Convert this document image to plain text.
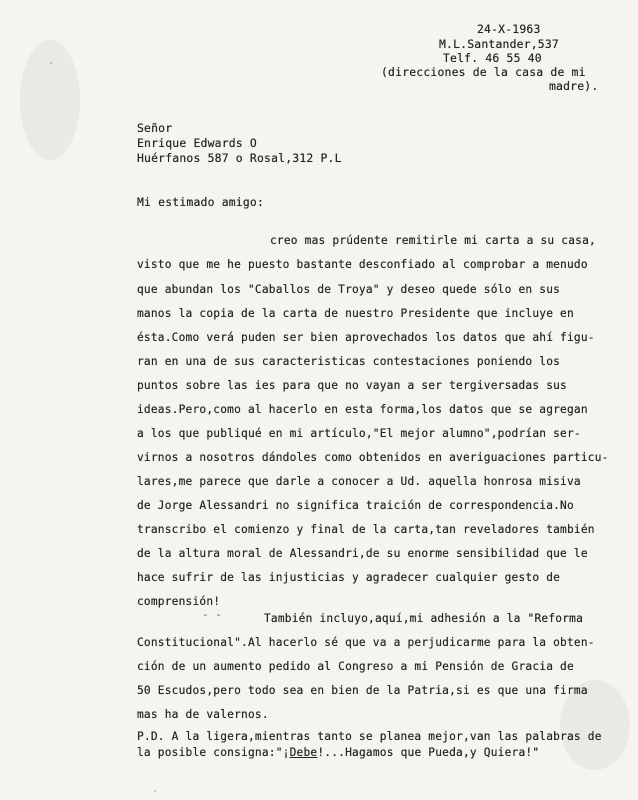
24-X-1963
M.L.Santander,537
Telf. 46 55 40
(direcciones de la casa de mi
madre).
Señor
Enrique Edwards O
Huérfanos 587 o Rosal,312 P.L
Mi estimado amigo:
creo mas prúdente remitirle mi carta a su casa,
visto que me he puesto bastante desconfiado al comprobar a menudo
que abundan los "Caballos de Troya" y deseo quede sólo en sus
manos la copia de la carta de nuestro Presidente que incluye en
ésta.Como verá puden ser bien aprovechados los datos que ahí figu-
ran en una de sus caracteristicas contestaciones poniendo los
puntos sobre las ies para que no vayan a ser tergiversadas sus
ideas.Pero,como al hacerlo en esta forma,los datos que se agregan
a los que publiqué en mi artículo,"El mejor alumno",podrían ser-
virnos a nosotros dándoles como obtenidos en averiguaciones particu-
lares,me parece que darle a conocer a Ud. aquella honrosa misiva
de Jorge Alessandri no significa traición de correspondencia.No
transcribo el comienzo y final de la carta,tan reveladores también
de la altura moral de Alessandri,de su enorme sensibilidad que le
hace sufrir de las injusticias y agradecer cualquier gesto de
comprensión!
- -	También incluyo,aquí,mi adhesión a la "Reforma
Constitucional".Al hacerlo sé que va a perjudicarme para la obten-
ción de un aumento pedido al Congreso a mi Pensión de Gracia de
50 Escudos,pero todo sea en bien de la Patria,si es que una firma
mas ha de valernos.
P.D. A la ligera,mientras tanto se planea mejor,van las palabras de
la posible consigna:"¡Debe!...Hagamos que Pueda,y Quiera!"
